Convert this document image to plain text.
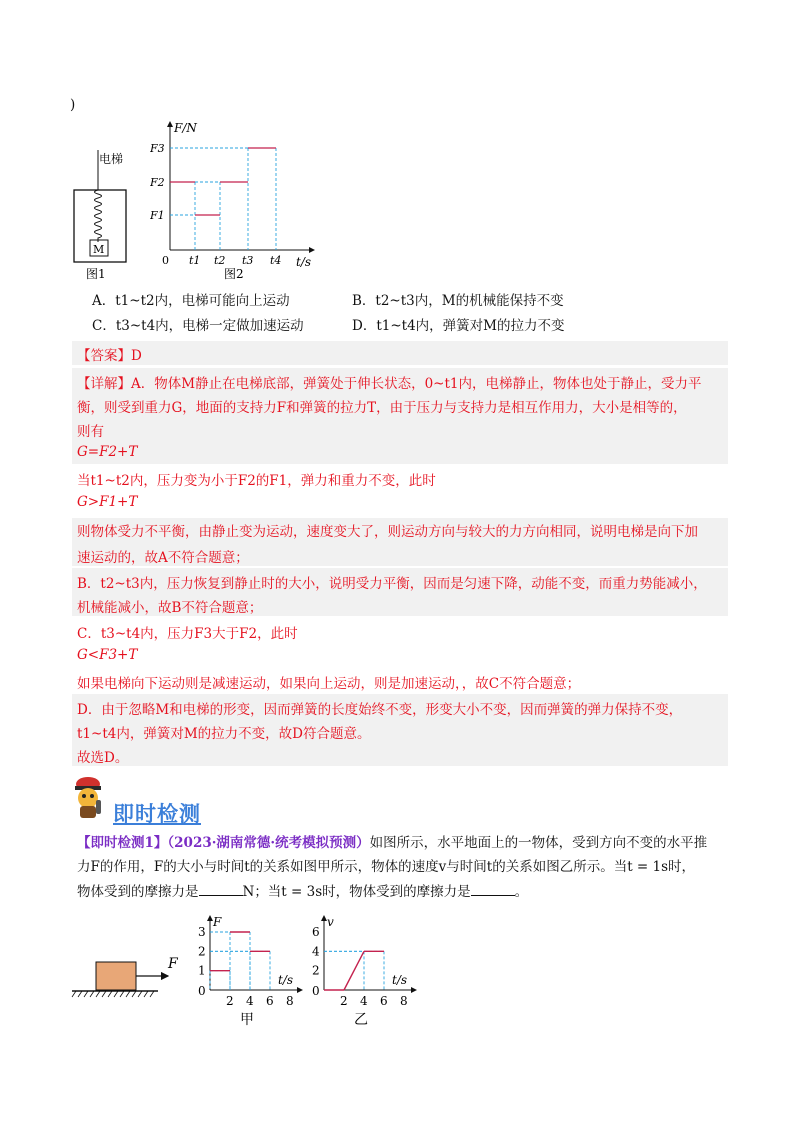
)
M
图1
电梯
F/N
t/s
0
F3
F2
F1
t1 t2 t3 t4
图2
A．t1~t2内，电梯可能向上运动	B．t2~t3内，M的机械能保持不变
C．t3~t4内，电梯一定做加速运动	D．t1~t4内，弹簧对M的拉力不变
【答案】D
【详解】A．物体M静止在电梯底部，弹簧处于伸长状态，0~t1内，电梯静止，物体也处于静止，受力平
衡，则受到重力G，地面的支持力F和弹簧的拉力T，由于压力与支持力是相互作用力，大小是相等的，
则有
G=F2+T
当t1~t2内，压力变为小于F2的F1，弹力和重力不变，此时
G>F1+T
则物体受力不平衡，由静止变为运动，速度变大了，则运动方向与较大的力方向相同，说明电梯是向下加
速运动的，故A不符合题意；
B．t2~t3内，压力恢复到静止时的大小，说明受力平衡，因而是匀速下降，动能不变，而重力势能减小，
机械能减小，故B不符合题意；
C．t3~t4内，压力F3大于F2，此时
G<F3+T
如果电梯向下运动则是减速运动，如果向上运动，则是加速运动，，故C不符合题意；
D．由于忽略M和电梯的形变，因而弹簧的长度始终不变，形变大小不变，因而弹簧的弹力保持不变，
t1~t4内，弹簧对M的拉力不变，故D符合题意。
故选D。
即时检测
【即时检测1】（2023·湖南常德·统考模拟预测）如图所示，水平地面上的一物体，受到方向不变的水平推
力F的作用，F的大小与时间t的关系如图甲所示，物体的速度v与时间t的关系如图乙所示。当t = 1s时，
物体受到的摩擦力是	N；当t = 3s时，物体受到的摩擦力是	。
F
F
t/s
0
1
2
3
2 4 6 8
甲
v
t/s
0
2
4
6
2 4 6 8
乙
